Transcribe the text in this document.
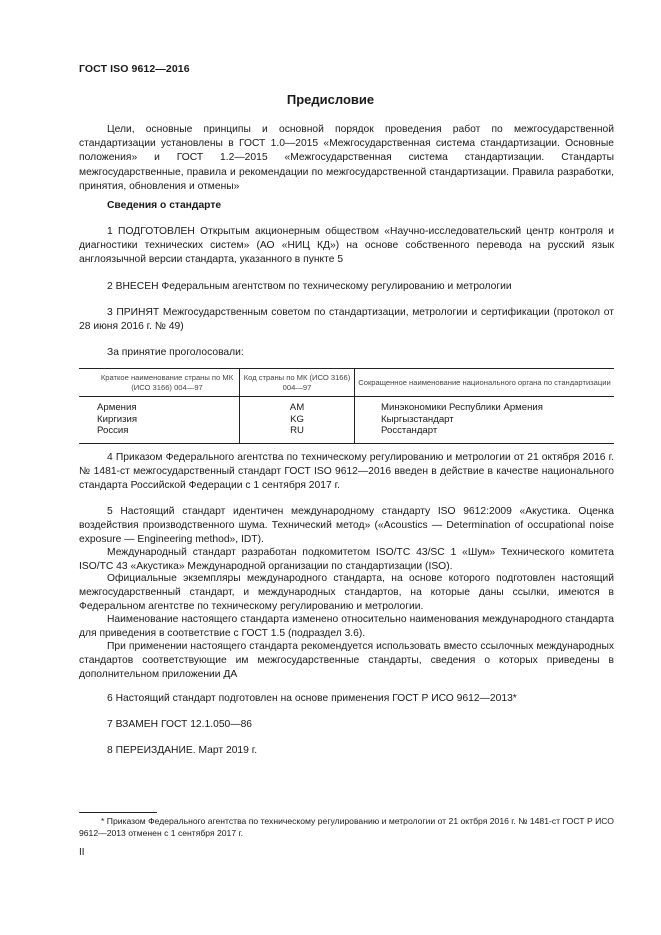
ГОСТ ISO 9612—2016
Предисловие

Цели, основные принципы и основной порядок проведения работ по межгосударственной стандартизации установлены в ГОСТ 1.0—2015 «Межгосударственная система стандартизации. Основные положения» и ГОСТ 1.2—2015 «Межгосударственная система стандартизации. Стандарты межгосударственные, правила и рекомендации по межгосударственной стандартизации. Правила разработки, принятия, обновления и отмены»

Сведения о стандарте

1 ПОДГОТОВЛЕН Открытым акционерным обществом «Научно-исследовательский центр контроля и диагностики технических систем» (АО «НИЦ КД») на основе собственного перевода на русский язык англоязычной версии стандарта, указанного в пункте 5

2 ВНЕСЕН Федеральным агентством по техническому регулированию и метрологии

3 ПРИНЯТ Межгосударственным советом по стандартизации, метрологии и сертификации (протокол от 28 июня 2016 г. № 49)

За принятие проголосовали:

Краткое наименование страны по МК (ИСО 3166) 004—97	Код страны по МК (ИСО 3166) 004—97	Сокращенное наименование национального органа по стандартизации
Армения	AM	Минэкономики Республики Армения
Киргизия	KG	Кыргызстандарт
Россия	RU	Росстандарт

4 Приказом Федерального агентства по техническому регулированию и метрологии от 21 октября 2016 г. № 1481-ст межгосударственный стандарт ГОСТ ISO 9612—2016 введен в действие в качестве национального стандарта Российской Федерации с 1 сентября 2017 г.

5 Настоящий стандарт идентичен международному стандарту ISO 9612:2009 «Акустика. Оценка воздействия производственного шума. Технический метод» («Acoustics — Determination of occupational noise exposure — Engineering method», IDT).

Международный стандарт разработан подкомитетом ISO/TC 43/SC 1 «Шум» Технического комитета ISO/TC 43 «Акустика» Международной организации по стандартизации (ISO).

Официальные экземпляры международного стандарта, на основе которого подготовлен настоящий межгосударственный стандарт, и международных стандартов, на которые даны ссылки, имеются в Федеральном агентстве по техническому регулированию и метрологии.

Наименование настоящего стандарта изменено относительно наименования международного стандарта для приведения в соответствие с ГОСТ 1.5 (подраздел 3.6).

При применении настоящего стандарта рекомендуется использовать вместо ссылочных международных стандартов соответствующие им межгосударственные стандарты, сведения о которых приведены в дополнительном приложении ДА

6 Настоящий стандарт подготовлен на основе применения ГОСТ Р ИСО 9612—2013*

7 ВЗАМЕН ГОСТ 12.1.050—86

8 ПЕРЕИЗДАНИЕ. Март 2019 г.

* Приказом Федерального агентства по техническому регулированию и метрологии от 21 октбря 2016 г. № 1481-ст ГОСТ Р ИСО 9612—2013 отменен с 1 сентября 2017 г.

II
